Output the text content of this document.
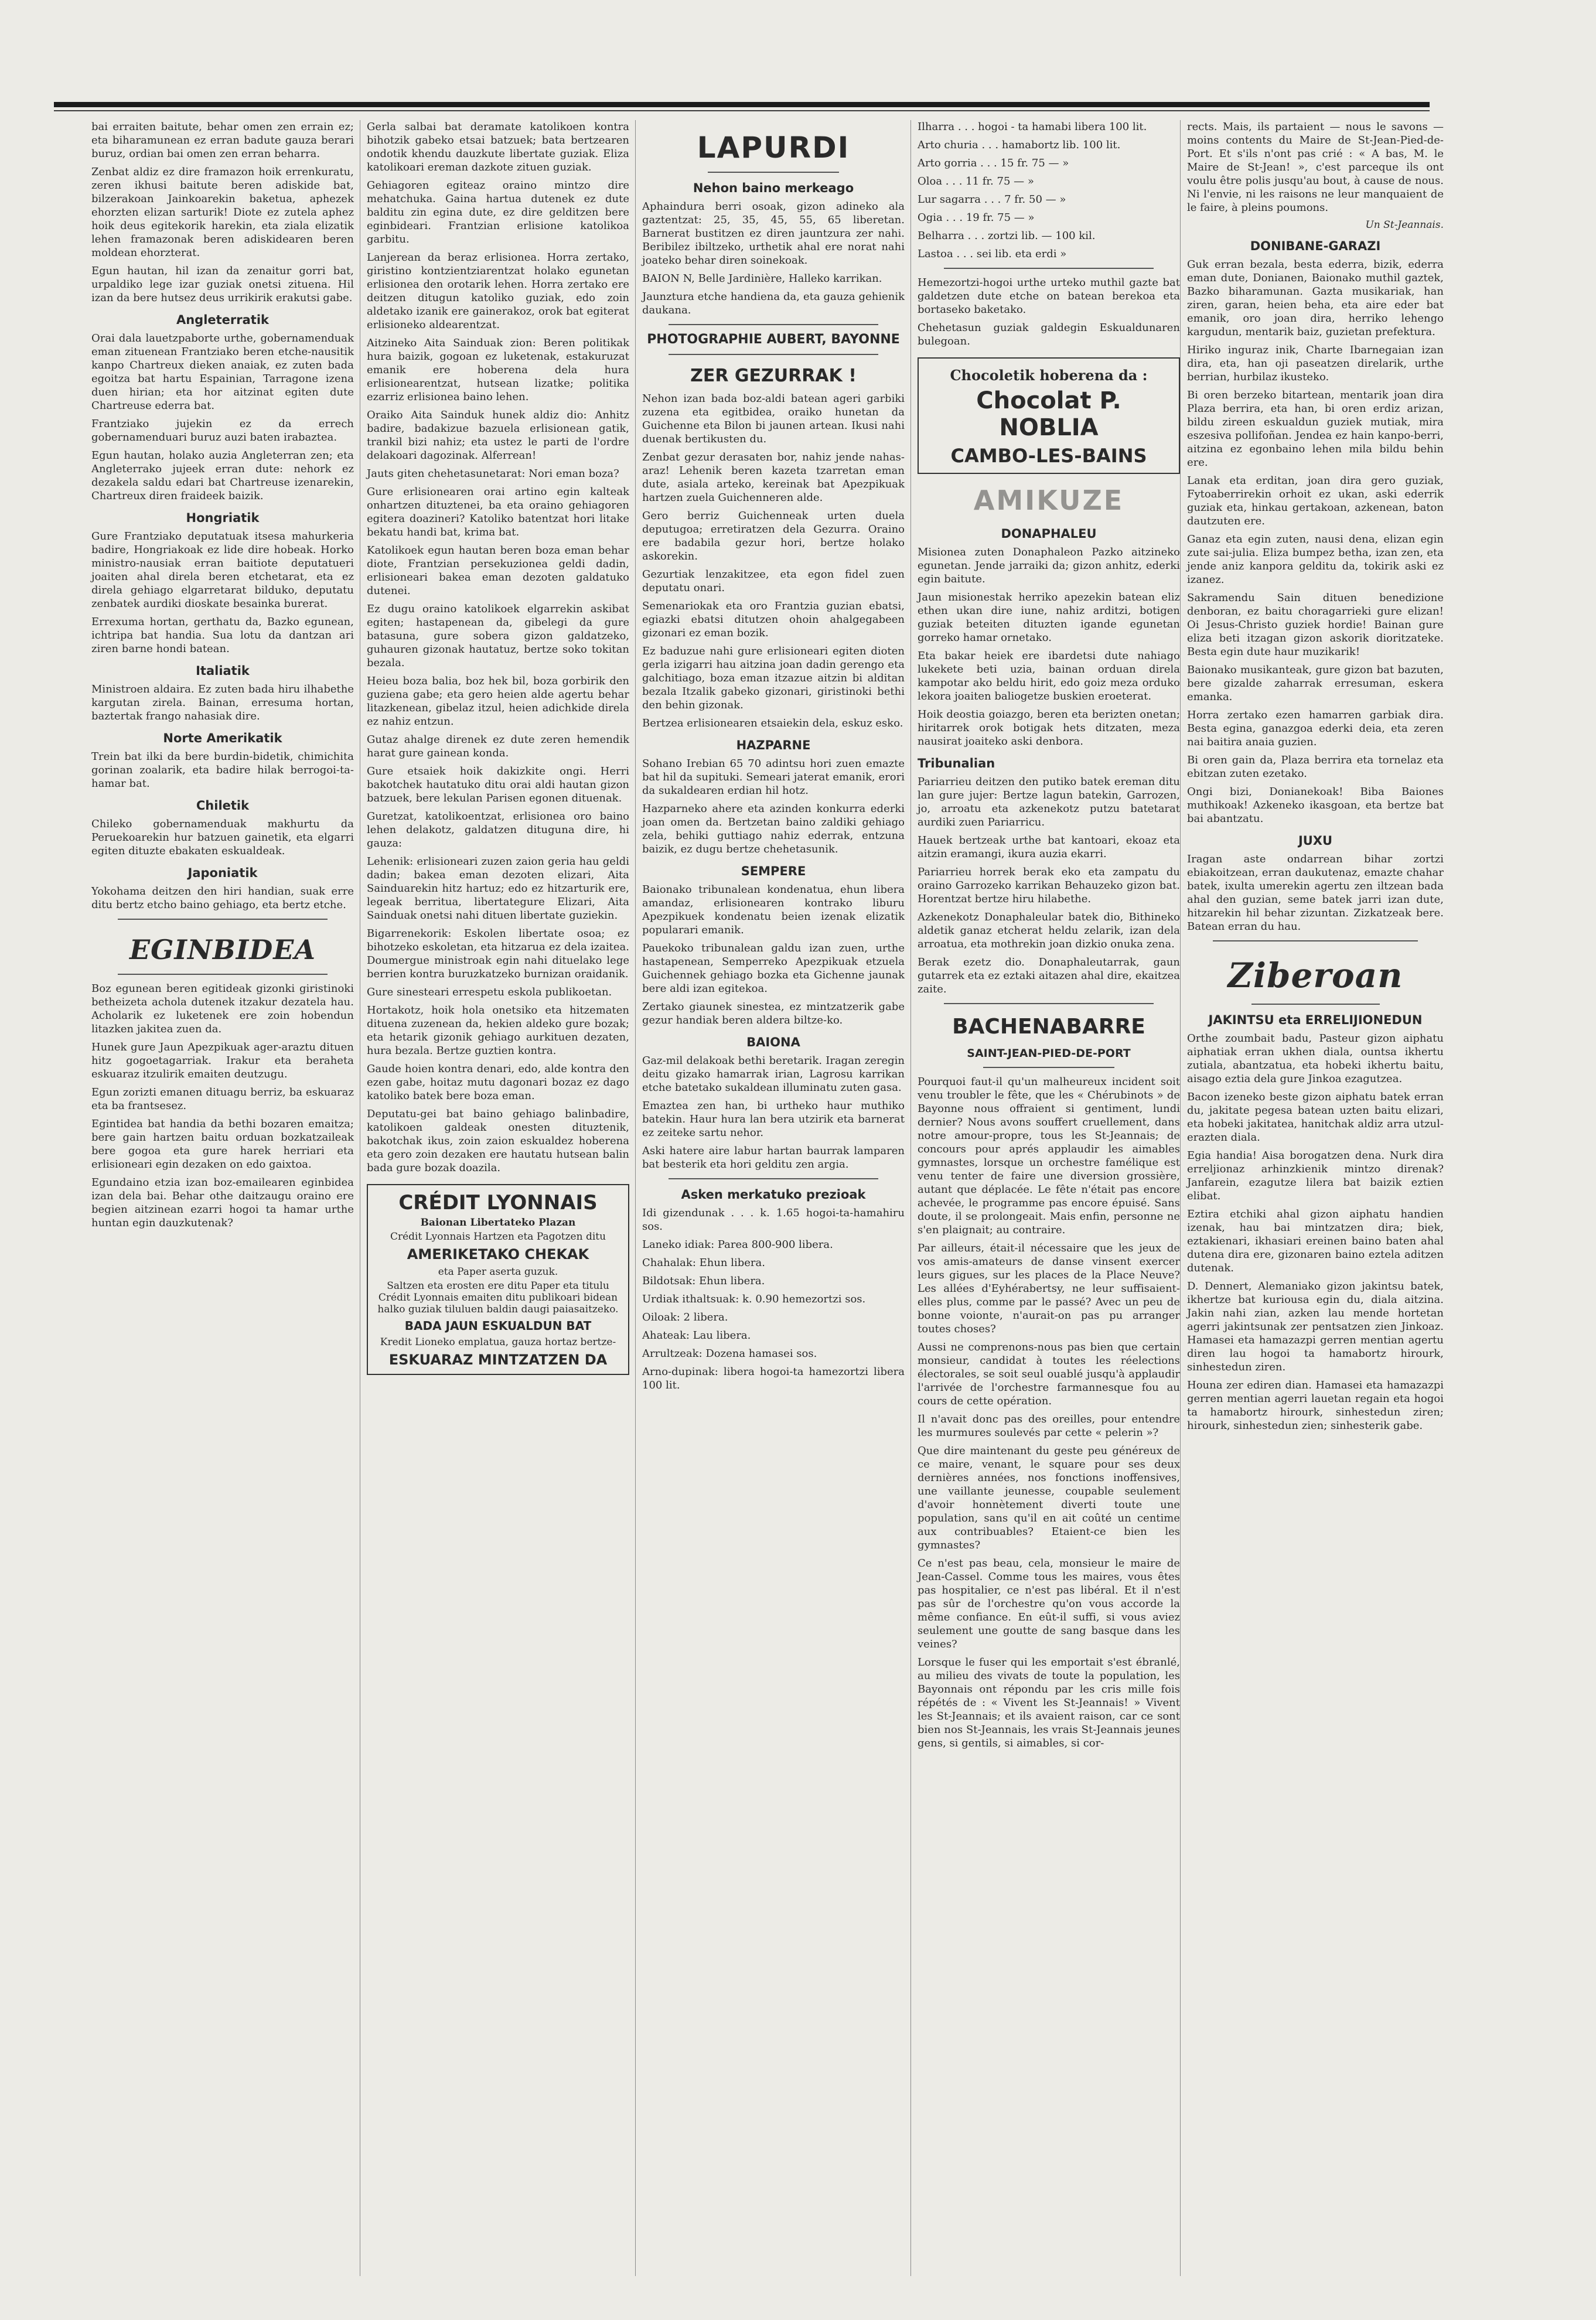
bai erraiten baitute, behar omen zen errain ez; eta biharamunean ez erran badute gauza berari buruz, ordian bai omen zen erran beharra.

Zenbat aldiz ez dire framazon hoik errenkuratu, zeren ikhusi baitute beren adiskide bat, bilzerakoan Jainkoarekin baketua, aphezek ehorzten elizan sarturik! Diote ez zutela aphez hoik deus egitekorik harekin, eta ziala elizatik lehen framazonak beren adiskidearen beren moldean ehorzterat.

Egun hautan, hil izan da zenaitur gorri bat, urpaldiko lege izar guziak onetsi zituena. Hil izan da bere hutsez deus urrikirik erakutsi gabe.

Angleterratik

Orai dala lauetzpaborte urthe, gobernamenduak eman zituenean Frantziako beren etche-nausitik kanpo Chartreux dieken anaiak, ez zuten bada egoitza bat hartu Espainian, Tarragone izena duen hirian; eta hor aitzinat egiten dute Chartreuse ederra bat.

Frantziako jujekin ez da errech gobernamenduari buruz auzi baten irabaztea.

Egun hautan, holako auzia Angleterran zen; eta Angleterrako jujeek erran dute: nehork ez dezakela saldu edari bat Chartreuse izenarekin, Chartreux diren fraideek baizik.

Hongriatik

Gure Frantziako deputatuak itsesa mahurkeria badire, Hongriakoak ez lide dire hobeak. Horko ministro-nausiak erran baitiote deputatueri joaiten ahal direla beren etchetarat, eta ez direla gehiago elgarretarat bilduko, deputatu zenbatek aurdiki dioskate besainka burerat.

Errexuma hortan, gerthatu da, Bazko egunean, ichtripa bat handia. Sua lotu da dantzan ari ziren barne hondi batean.

Italiatik

Ministroen aldaira. Ez zuten bada hiru ilhabethe kargutan zirela. Bainan, erresuma hortan, baztertak frango nahasiak dire.

Norte Amerikatik

Trein bat ilki da bere burdin-bidetik, chimichita gorinan zoalarik, eta badire hilak berrogoi-ta-hamar bat.

Chiletik

Chileko gobernamenduak makhurtu da Peruekoarekin hur batzuen gainetik, eta elgarri egiten dituzte ebakaten eskualdeak.

Japoniatik

Yokohama deitzen den hiri handian, suak erre ditu bertz etcho baino gehiago, eta bertz etche.

EGINBIDEA

Boz egunean beren egitideak gizonki giristinoki betheizeta achola dutenek itzakur dezatela hau. Acholarik ez luketenek ere zoin hobendun litazken jakitea zuen da.

Hunek gure Jaun Apezpikuak ager-araztu dituen hitz gogoetagarriak. Irakur eta beraheta eskuaraz itzulirik emaiten deutzugu.

Egun zorizti emanen dituagu berriz, ba eskuaraz eta ba frantsesez.

Egintidea bat handia da bethi bozaren emaitza; bere gain hartzen baitu orduan bozkatzaileak bere gogoa eta gure harek herriari eta erlisioneari egin dezaken on edo gaixtoa.

Egundaino etzia izan boz-emailearen eginbidea izan dela bai. Behar othe daitzaugu oraino ere begien aitzinean ezarri hogoi ta hamar urthe huntan egin dauzkutenak?

Gerla salbai bat deramate katolikoen kontra bihotzik gabeko etsai batzuek; bata bertzearen ondotik khendu dauzkute libertate guziak. Eliza katolikoari ereman dazkote zituen guziak.

Gehiagoren egiteaz oraino mintzo dire mehatchuka. Gaina hartua dutenek ez dute balditu zin egina dute, ez dire gelditzen bere eginbideari. Frantzian erlisione katolikoa garbitu.

Lanjerean da beraz erlisionea. Horra zertako, giristino kontzientziarentzat holako egunetan erlisionea den orotarik lehen. Horra zertako ere deitzen ditugun katoliko guziak, edo zoin aldetako izanik ere gainerakoz, orok bat egiterat erlisioneko aldearentzat.

Aitzineko Aita Sainduak zion: Beren politikak hura baizik, gogoan ez luketenak, estakuruzat emanik ere hoberena dela hura erlisionearentzat, hutsean lizatke; politika ezarriz erlisionea baino lehen.

Oraiko Aita Sainduk hunek aldiz dio: Anhitz badire, badakizue bazuela erlisionean gatik, trankil bizi nahiz; eta ustez le parti de l'ordre delakoari dagozinak. Alferrean!

Jauts giten chehetasunetarat: Nori eman boza?

Gure erlisionearen orai artino egin kalteak onhartzen dituztenei, ba eta oraino gehiagoren egitera doazineri? Katoliko batentzat hori litake bekatu handi bat, krima bat.

Katolikoek egun hautan beren boza eman behar diote, Frantzian persekuzionea geldi dadin, erlisioneari bakea eman dezoten galdatuko dutenei.

Ez dugu oraino katolikoek elgarrekin askibat egiten; hastapenean da, gibelegi da gure batasuna, gure sobera gizon galdatzeko, guhauren gizonak hautatuz, bertze soko tokitan bezala.

Heieu boza balia, boz hek bil, boza gorbirik den guziena gabe; eta gero heien alde agertu behar litazkenean, gibelaz itzul, heien adichkide direla ez nahiz entzun.

Gutaz ahalge direnek ez dute zeren hemendik harat gure gainean konda.

Gure etsaiek hoik dakizkite ongi. Herri bakotchek hautatuko ditu orai aldi hautan gizon batzuek, bere lekulan Parisen egonen dituenak.

Guretzat, katolikoentzat, erlisionea oro baino lehen delakotz, galdatzen dituguna dire, hi gauza:

Lehenik: erlisioneari zuzen zaion geria hau geldi dadin; bakea eman dezoten elizari, Aita Sainduarekin hitz hartuz; edo ez hitzarturik ere, legeak berritua, libertategure Elizari, Aita Sainduak onetsi nahi dituen libertate guziekin.

Bigarrenekorik: Eskolen libertate osoa; ez bihotzeko eskoletan, eta hitzarua ez dela izaitea. Doumergue ministroak egin nahi dituelako lege berrien kontra buruzkatzeko burnizan oraidanik.

Gure sinesteari errespetu eskola publikoetan.

Hortakotz, hoik hola onetsiko eta hitzematen dituena zuzenean da, hekien aldeko gure bozak; eta hetarik gizonik gehiago aurkituen dezaten, hura bezala. Bertze guztien kontra.

Gaude hoien kontra denari, edo, alde kontra den ezen gabe, hoitaz mutu dagonari bozaz ez dago katoliko batek bere boza eman.

Deputatu-gei bat baino gehiago balinbadire, katolikoen galdeak onesten dituztenik, bakotchak ikus, zoin zaion eskualdez hoberena eta gero zoin dezaken ere hautatu hutsean balin bada gure bozak doazila.

CRÉDIT LYONNAIS
Baionan Libertateko Plazan
Crédit Lyonnais Hartzen eta Pagotzen ditu
AMERIKETAKO CHEKAK
eta Paper aserta guzuk.
Saltzen eta erosten ere ditu Paper eta titulu Crédit Lyonnais emaiten ditu publikoari bidean halko guziak tiluluen baldin daugi paiasaitzeko.
BADA JAUN ESKUALDUN BAT
Kredit Lioneko emplatua, gauza hortaz bertze-
ESKUARAZ MINTZATZEN DA
LAPURDI
Nehon baino merkeago

Aphaindura berri osoak, gizon adineko ala gaztentzat: 25, 35, 45, 55, 65 liberetan. Barnerat bustitzen ez diren jauntzura zer nahi. Beribilez ibiltzeko, urthetik ahal ere norat nahi joateko behar diren soinekoak.

BAION N, Belle Jardinière, Halleko karrikan.

Jaunztura etche handiena da, eta gauza gehienik daukana.

PHOTOGRAPHIE AUBERT, BAYONNE
ZER GEZURRAK !

Nehon izan bada boz-aldi batean ageri garbiki zuzena eta egitbidea, oraiko hunetan da Guichenne eta Bilon bi jaunen artean. Ikusi nahi duenak bertikusten du.

Zenbat gezur derasaten bor, nahiz jende nahas-araz! Lehenik beren kazeta tzarretan eman dute, asiala arteko, kereinak bat Apezpikuak hartzen zuela Guichenneren alde.

Gero berriz Guichenneak urten duela deputugoa; erretiratzen dela Gezurra. Oraino ere badabila gezur hori, bertze holako askorekin.

Gezurtiak lenzakitzee, eta egon fidel zuen deputatu onari.

Semenariokak eta oro Frantzia guzian ebatsi, egiazki ebatsi ditutzen ohoin ahalgegabeen gizonari ez eman bozik.

Ez baduzue nahi gure erlisioneari egiten dioten gerla izigarri hau aitzina joan dadin gerengo eta galchitiago, boza eman itzazue aitzin bi alditan bezala Itzalik gabeko gizonari, giristinoki bethi den behin gizonak.

Bertzea erlisionearen etsaiekin dela, eskuz esko.

HAZPARNE

Sohano Irebian 65 70 adintsu hori zuen emazte bat hil da supituki. Semeari jaterat emanik, erori da sukaldearen erdian hil hotz.

Hazparneko ahere eta azinden konkurra ederki joan omen da. Bertzetan baino zaldiki gehiago zela, behiki guttiago nahiz ederrak, entzuna baizik, ez dugu bertze chehetasunik.

SEMPERE

Baionako tribunalean kondenatua, ehun libera amandaz, erlisionearen kontrako liburu Apezpikuek kondenatu beien izenak elizatik popularari emanik.

Pauekoko tribunalean galdu izan zuen, urthe hastapenean, Semperreko Apezpikuak etzuela Guichennek gehiago bozka eta Gichenne jaunak bere aldi izan egitekoa.

Zertako giaunek sinestea, ez mintzatzerik gabe gezur handiak beren aldera biltze-ko.

BAIONA

Gaz-mil delakoak bethi beretarik. Iragan zeregin deitu gizako hamarrak irian, Lagrosu karrikan etche batetako sukaldean illuminatu zuten gasa.

Emaztea zen han, bi urtheko haur muthiko batekin. Haur hura lan bera utzirik eta barnerat ez zeiteke sartu nehor.

Aski hatere aire labur hartan baurrak lamparen bat besterik eta hori gelditu zen argia.

Asken merkatuko prezioak

Idi gizendunak . . . k. 1.65 hogoi-ta-hamahiru sos.

Laneko idiak: Parea 800-900 libera.

Chahalak: Ehun libera.

Bildotsak: Ehun libera.

Urdiak ithaltsuak: k. 0.90 hemezortzi sos.

Oiloak: 2 libera.

Ahateak: Lau libera.

Arrultzeak: Dozena hamasei sos.

Arno-dupinak: libera hogoi-ta hamezortzi libera 100 lit.

Ilharra . . . hogoi - ta hamabi libera 100 lit.

Arto churia . . . hamabortz lib. 100 lit.

Arto gorria . . . 15 fr. 75 — »

Oloa . . . 11 fr. 75 — »

Lur sagarra . . . 7 fr. 50 — »

Ogia . . . 19 fr. 75 — »

Belharra . . . zortzi lib. — 100 kil.

Lastoa . . . sei lib. eta erdi »

Hemezortzi-hogoi urthe urteko muthil gazte bat galdetzen dute etche on batean berekoa eta bortaseko baketako.

Chehetasun guziak galdegin Eskualdunaren bulegoan.

Chocoletik hoberena da :
Chocolat P. NOBLIA
CAMBO-LES-BAINS
AMIKUZE
DONAPHALEU

Misionea zuten Donaphaleon Pazko aitzineko egunetan. Jende jarraiki da; gizon anhitz, ederki egin baitute.

Jaun misionestak herriko apezekin batean eliz ethen ukan dire iune, nahiz arditzi, botigen guziak beteiten dituzten igande egunetan gorreko hamar ornetako.

Eta bakar heiek ere ibardetsi dute nahiago lukekete beti uzia, bainan orduan direla kampotar ako beldu hirit, edo goiz meza orduko lekora joaiten baliogetze buskien eroeterat.

Hoik deostia goiazgo, beren eta berizten onetan; hiritarrek orok botigak hets ditzaten, meza nausirat joaiteko aski denbora.

Tribunalian

Pariarrieu deitzen den putiko batek ereman ditu lan gure jujer: Bertze lagun batekin, Garrozen, jo, arroatu eta azkenekotz putzu batetarat aurdiki zuen Pariarricu.

Hauek bertzeak urthe bat kantoari, ekoaz eta aitzin eramangi, ikura auzia ekarri.

Pariarrieu horrek berak eko eta zampatu du oraino Garrozeko karrikan Behauzeko gizon bat. Horentzat bertze hiru hilabethe.

Azkenekotz Donaphaleular batek dio, Bithineko aldetik ganaz etcherat heldu zelarik, izan dela arroatua, eta mothrekin joan dizkio onuka zena.

Berak ezetz dio. Donaphaleutarrak, gaun gutarrek eta ez eztaki aitazen ahal dire, ekaitzea zaite.

BACHENABARRE
SAINT-JEAN-PIED-DE-PORT

Pourquoi faut-il qu'un malheureux incident soit venu troubler le fête, que les « Chérubinots » de Bayonne nous offraient si gentiment, lundi dernier? Nous avons souffert cruellement, dans notre amour-propre, tous les St-Jeannais; de concours pour aprés applaudir les aimables gymnastes, lorsque un orchestre famélique est venu tenter de faire une diversion grossière, autant que déplacée. Le fête n'était pas encore achevée, le programme pas encore épuisé. Sans doute, il se prolongeait. Mais enfin, personne ne s'en plaignait; au contraire.

Par ailleurs, était-il nécessaire que les jeux de vos amis-amateurs de danse vinsent exercer leurs gigues, sur les places de la Place Neuve? Les allées d'Eyhérabertsy, ne leur suffisaient-elles plus, comme par le passé? Avec un peu de bonne voionte, n'aurait-on pas pu arranger toutes choses?

Aussi ne comprenons-nous pas bien que certain monsieur, candidat à toutes les réelections électorales, se soit seul ouablé jusqu'à applaudir l'arrivée de l'orchestre farmannesque fou au cours de cette opération.

Il n'avait donc pas des oreilles, pour entendre les murmures soulevés par cette « pelerin »?

Que dire maintenant du geste peu généreux de ce maire, venant, le square pour ses deux dernières années, nos fonctions inoffensives, une vaillante jeunesse, coupable seulement d'avoir honnètement diverti toute une population, sans qu'il en ait coûté un centime aux contribuables? Etaient-ce bien les gymnastes?

Ce n'est pas beau, cela, monsieur le maire de Jean-Cassel. Comme tous les maires, vous êtes pas hospitalier, ce n'est pas libéral. Et il n'est pas sûr de l'orchestre qu'on vous accorde la même confiance. En eût-il suffi, si vous aviez seulement une goutte de sang basque dans les veines?

Lorsque le fuser qui les emportait s'est ébranlé, au milieu des vivats de toute la population, les Bayonnais ont répondu par les cris mille fois répétés de : « Vivent les St-Jeannais! » Vivent les St-Jeannais; et ils avaient raison, car ce sont bien nos St-Jeannais, les vrais St-Jeannais jeunes gens, si gentils, si aimables, si cor-

rects. Mais, ils partaient — nous le savons — moins contents du Maire de St-Jean-Pied-de-Port. Et s'ils n'ont pas crié : « A bas, M. le Maire de St-Jean! », c'est parceque ils ont voulu être polis jusqu'au bout, à cause de nous. Ni l'envie, ni les raisons ne leur manquaient de le faire, à pleins poumons.

Un St-Jeannais.
DONIBANE-GARAZI

Guk erran bezala, besta ederra, bizik, ederra eman dute, Donianen, Baionako muthil gaztek, Bazko biharamunan. Gazta musikariak, han ziren, garan, heien beha, eta aire eder bat emanik, oro joan dira, herriko lehengo kargudun, mentarik baiz, guzietan prefektura.

Hiriko inguraz inik, Charte Ibarnegaian izan dira, eta, han oji paseatzen direlarik, urthe berrian, hurbilaz ikusteko.

Bi oren berzeko bitartean, mentarik joan dira Plaza berrira, eta han, bi oren erdiz arizan, bildu zireen eskualdun guziek mutiak, mira eszesiva pollifoñan. Jendea ez hain kanpo-berri, aitzina ez egonbaino lehen mila bildu behin ere.

Lanak eta erditan, joan dira gero guziak, Fytoaberrirekin orhoit ez ukan, aski ederrik guziak eta, hinkau gertakoan, azkenean, baton dautzuten ere.

Ganaz eta egin zuten, nausi dena, elizan egin zute sai-julia. Eliza bumpez betha, izan zen, eta jende aniz kanpora gelditu da, tokirik aski ez izanez.

Sakramendu Sain dituen benedizione denboran, ez baitu choragarrieki gure elizan! Oi Jesus-Christo guziek hordie! Bainan gure eliza beti itzagan gizon askorik dioritzateke. Besta egin dute haur muzikarik!

Baionako musikanteak, gure gizon bat bazuten, bere gizalde zaharrak erresuman, eskera emanka.

Horra zertako ezen hamarren garbiak dira. Besta egina, ganazgoa ederki deia, eta zeren nai baitira anaia guzien.

Bi oren gain da, Plaza berrira eta tornelaz eta ebitzan zuten ezetako.

Ongi bizi, Donianekoak! Biba Baiones muthikoak! Azkeneko ikasgoan, eta bertze bat bai abantzatu.

JUXU

Iragan aste ondarrean bihar zortzi ebiakoitzean, erran daukutenaz, emazte chahar batek, ixulta umerekin agertu zen iltzean bada ahal den guzian, seme batek jarri izan dute, hitzarekin hil behar zizuntan. Zizkatzeak bere. Batean erran du hau.

Ziberoan
JAKINTSU eta ERRELIJIONEDUN

Orthe zoumbait badu, Pasteur gizon aiphatu aiphatiak erran ukhen diala, ountsa ikhertu zutiala, abantzatua, eta hobeki ikhertu baitu, aisago eztia dela gure Jinkoa ezagutzea.

Bacon izeneko beste gizon aiphatu batek erran du, jakitate pegesa batean uzten baitu elizari, eta hobeki jakitatea, hanitchak aldiz arra utzul-erazten diala.

Egia handia! Aisa borogatzen dena. Nurk dira erreljionaz arhinzkienik mintzo direnak? Janfarein, ezagutze lilera bat baizik eztien elibat.

Eztira etchiki ahal gizon aiphatu handien izenak, hau bai mintzatzen dira; biek, eztakienari, ikhasiari ereinen baino baten ahal dutena dira ere, gizonaren baino eztela aditzen dutenak.

D. Dennert, Alemaniako gizon jakintsu batek, ikhertze bat kuriousa egin du, diala aitzina. Jakin nahi zian, azken lau mende hortetan agerri jakintsunak zer pentsatzen zien Jinkoaz. Hamasei eta hamazazpi gerren mentian agertu diren lau hogoi ta hamabortz hirourk, sinhestedun ziren.

Houna zer ediren dian. Hamasei eta hamazazpi gerren mentian agerri lauetan regain eta hogoi ta hamabortz hirourk, sinhestedun ziren; hirourk, sinhestedun zien; sinhesterik gabe.
